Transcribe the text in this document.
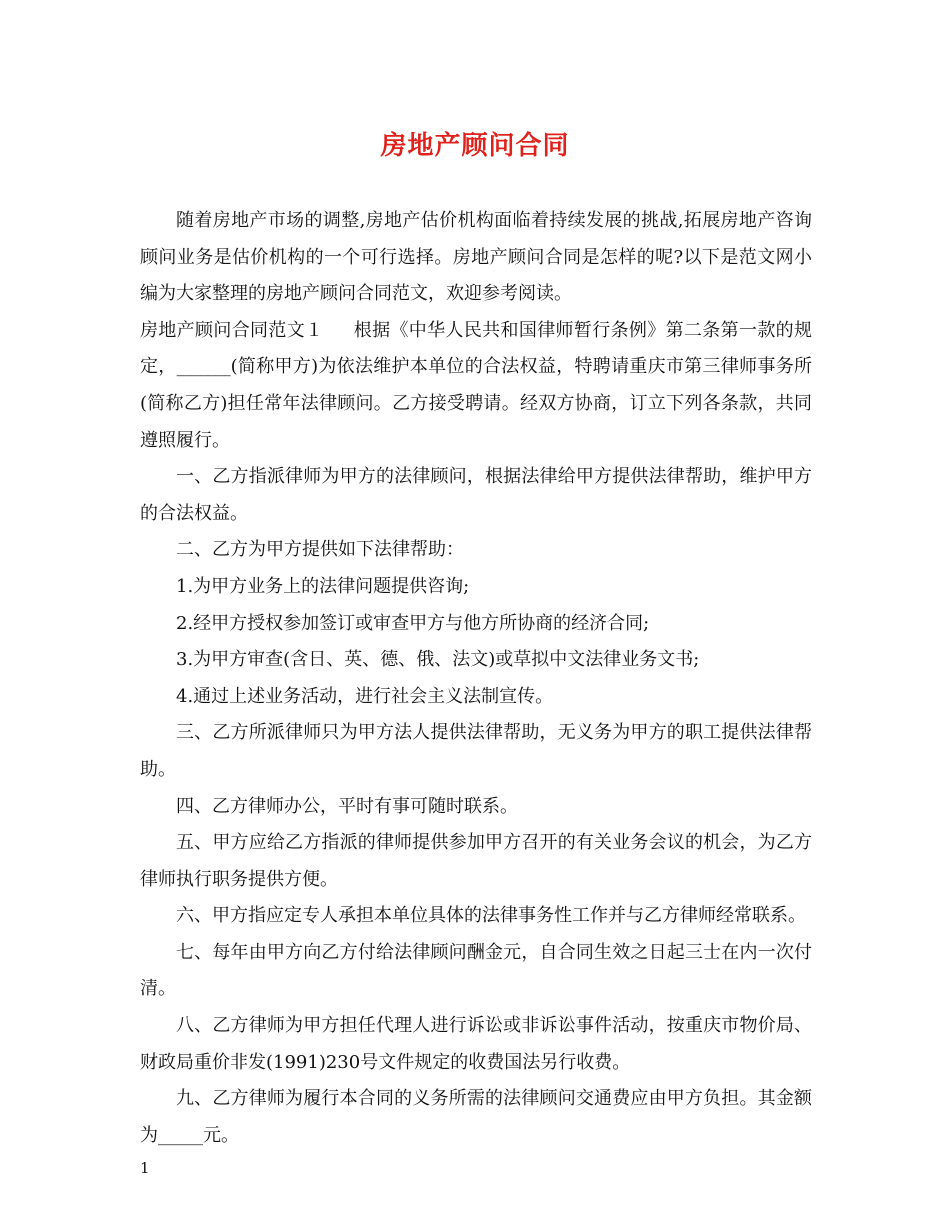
房地产顾问合同

随着房地产市场的调整,房地产估价机构面临着持续发展的挑战,拓展房地产咨询顾问业务是估价机构的一个可行选择。房地产顾问合同是怎样的呢?以下是范文网小编为大家整理的房地产顾问合同范文，欢迎参考阅读。

房地产顾问合同范文１ 根据《中华人民共和国律师暂行条例》第二条第一款的规定，______(简称甲方)为依法维护本单位的合法权益，特聘请重庆市第三律师事务所(简称乙方)担任常年法律顾问。乙方接受聘请。经双方协商，订立下列各条款，共同遵照履行。

一、乙方指派律师为甲方的法律顾问，根据法律给甲方提供法律帮助，维护甲方的合法权益。

二、乙方为甲方提供如下法律帮助：

1.为甲方业务上的法律问题提供咨询;

2.经甲方授权参加签订或审查甲方与他方所协商的经济合同;

3.为甲方审查(含日、英、德、俄、法文)或草拟中文法律业务文书;

4.通过上述业务活动，进行社会主义法制宣传。

三、乙方所派律师只为甲方法人提供法律帮助，无义务为甲方的职工提供法律帮助。

四、乙方律师办公，平时有事可随时联系。

五、甲方应给乙方指派的律师提供参加甲方召开的有关业务会议的机会，为乙方律师执行职务提供方便。

六、甲方指应定专人承担本单位具体的法律事务性工作并与乙方律师经常联系。

七、每年由甲方向乙方付给法律顾问酬金元，自合同生效之日起三士在内一次付清。

八、乙方律师为甲方担任代理人进行诉讼或非诉讼事件活动，按重庆市物价局、财政局重价非发(1991)230号文件规定的收费国法另行收费。

九、乙方律师为履行本合同的义务所需的法律顾问交通费应由甲方负担。其金额为_____元。

1
